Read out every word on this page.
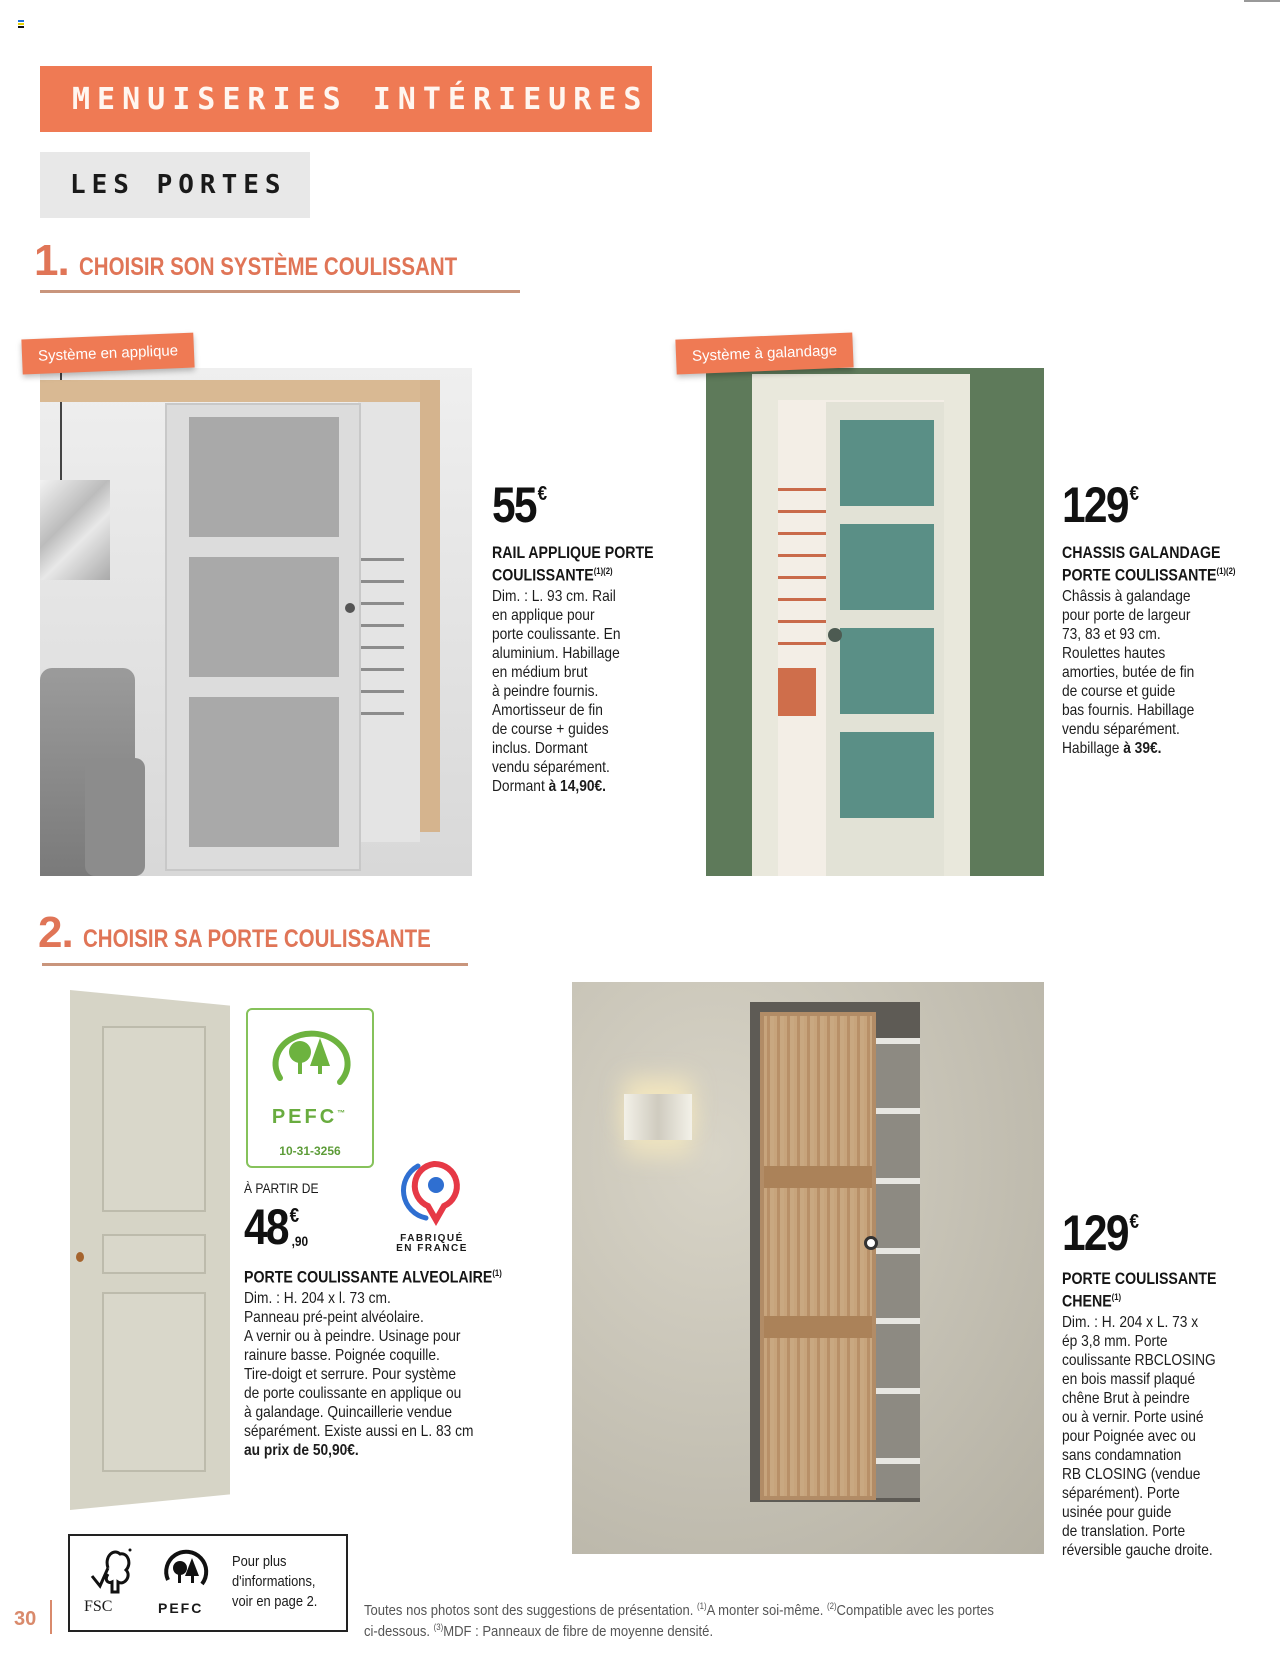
MENUISERIES INTÉRIEURES
LES PORTES
1. CHOISIR SON SYSTÈME COULISSANT
Système en applique
55€
RAIL APPLIQUE PORTE
$COULISSANTE^{(1)(2)}$
Dim. : L. 93 cm. Rail
en applique pour
porte coulissante. En
aluminium. Habillage
en médium brut
à peindre fournis.
Amortisseur de fin
de course + guides
inclus. Dormant
vendu séparément.
Dormant à 14,90€.
Système à galandage
129€
CHASSIS GALANDAGE
PORTE $COULISSANTE^{(1)(2)}$
Châssis à galandage
pour porte de largeur
73, 83 et 93 cm.
Roulettes hautes
amorties, butée de fin
de course et guide
bas fournis. Habillage
vendu séparément.
Habillage à 39€.
2. CHOISIR SA PORTE COULISSANTE
PEFC™
10-31-3256
FABRIQUÉ
EN FRANCE
À PARTIR DE
48€
,90
PORTE COULISSANTE ALVEOLAIRE$^{(1)}$
Dim. : H. 204 x l. 73 cm.
Panneau pré-peint alvéolaire.
A vernir ou à peindre. Usinage pour
rainure basse. Poignée coquille.
Tire-doigt et serrure. Pour système
de porte coulissante en applique ou
à galandage. Quincaillerie vendue
séparément. Existe aussi en L. 83 cm
au prix de 50,90€.
129€
PORTE COULISSANTE
CHENE$^{(1)}$
Dim. : H. 204 x L. 73 x
ép 3,8 mm. Porte
coulissante RBCLOSING
en bois massif plaqué
chêne Brut à peindre
ou à vernir. Porte usiné
pour Poignée avec ou
sans condamnation
RB CLOSING (vendue
séparément). Porte
usinée pour guide
de translation. Porte
réversible gauche droite.
30
FSC	PEFC
Pour plus
d'informations,
voir en page 2.
Toutes nos photos sont des suggestions de présentation. $^{(1)}$A monter soi-même. $^{(2)}$Compatible avec les portes
ci-dessous. $^{(3)}$MDF : Panneaux de fibre de moyenne densité.
